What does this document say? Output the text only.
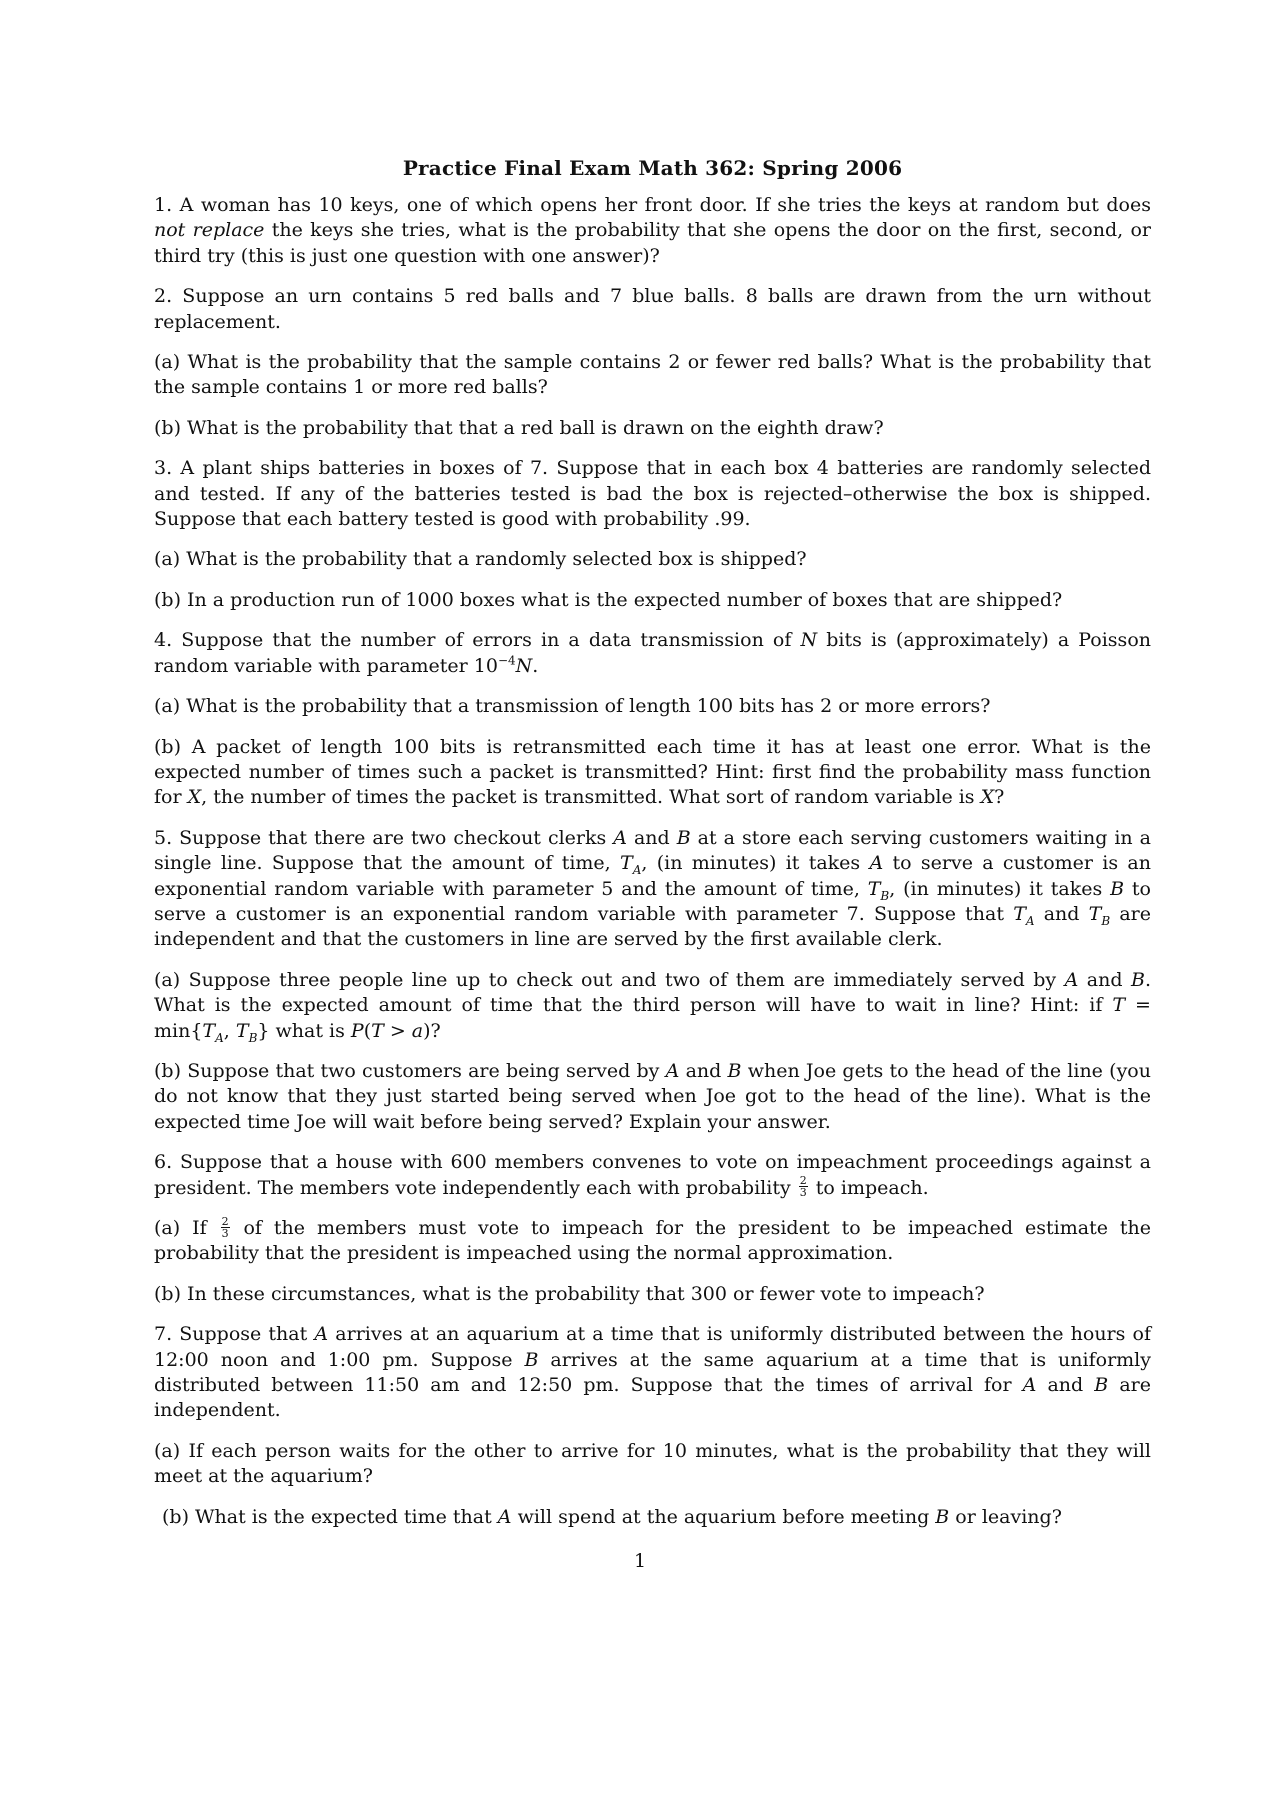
Practice Final Exam Math 362: Spring 2006

1. A woman has 10 keys, one of which opens her front door. If she tries the keys at random but does not replace the keys she tries, what is the probability that she opens the door on the first, second, or third try (this is just one question with one answer)?

2. Suppose an urn contains 5 red balls and 7 blue balls. 8 balls are drawn from the urn without replacement.

(a) What is the probability that the sample contains 2 or fewer red balls? What is the probability that the sample contains 1 or more red balls?

(b) What is the probability that that a red ball is drawn on the eighth draw?

3. A plant ships batteries in boxes of 7. Suppose that in each box 4 batteries are randomly selected and tested. If any of the batteries tested is bad the box is rejected–otherwise the box is shipped. Suppose that each battery tested is good with probability .99.

(a) What is the probability that a randomly selected box is shipped?

(b) In a production run of 1000 boxes what is the expected number of boxes that are shipped?

4. Suppose that the number of errors in a data transmission of N bits is (approximately) a Poisson random variable with parameter $10^{-4}N$.

(a) What is the probability that a transmission of length 100 bits has 2 or more errors?

(b) A packet of length 100 bits is retransmitted each time it has at least one error. What is the expected number of times such a packet is transmitted? Hint: first find the probability mass function for X, the number of times the packet is transmitted. What sort of random variable is X?

5. Suppose that there are two checkout clerks A and B at a store each serving customers waiting in a single line. Suppose that the amount of time, $T_A$, (in minutes) it takes A to serve a customer is an exponential random variable with parameter 5 and the amount of time, $T_B$, (in minutes) it takes B to serve a customer is an exponential random variable with parameter 7. Suppose that $T_A$ and $T_B$ are independent and that the customers in line are served by the first available clerk.

(a) Suppose three people line up to check out and two of them are immediately served by A and B. What is the expected amount of time that the third person will have to wait in line? Hint: if $T = \min\{T_A$, $T_B$} what is P(T > a)?

(b) Suppose that two customers are being served by A and B when Joe gets to the head of the line (you do not know that they just started being served when Joe got to the head of the line). What is the expected time Joe will wait before being served? Explain your answer.

6. Suppose that a house with 600 members convenes to vote on impeachment proceedings against a president. The members vote independently each with probability $\frac{2}{3}$ to impeach.

(a) If $\frac{2}{3}$ of the members must vote to impeach for the president to be impeached estimate the probability that the president is impeached using the normal approximation.

(b) In these circumstances, what is the probability that 300 or fewer vote to impeach?

7. Suppose that A arrives at an aquarium at a time that is uniformly distributed between the hours of 12:00 noon and 1:00 pm. Suppose B arrives at the same aquarium at a time that is uniformly distributed between 11:50 am and 12:50 pm. Suppose that the times of arrival for A and B are independent.

(a) If each person waits for the other to arrive for 10 minutes, what is the probability that they will meet at the aquarium?

(b) What is the expected time that A will spend at the aquarium before meeting B or leaving?

1
